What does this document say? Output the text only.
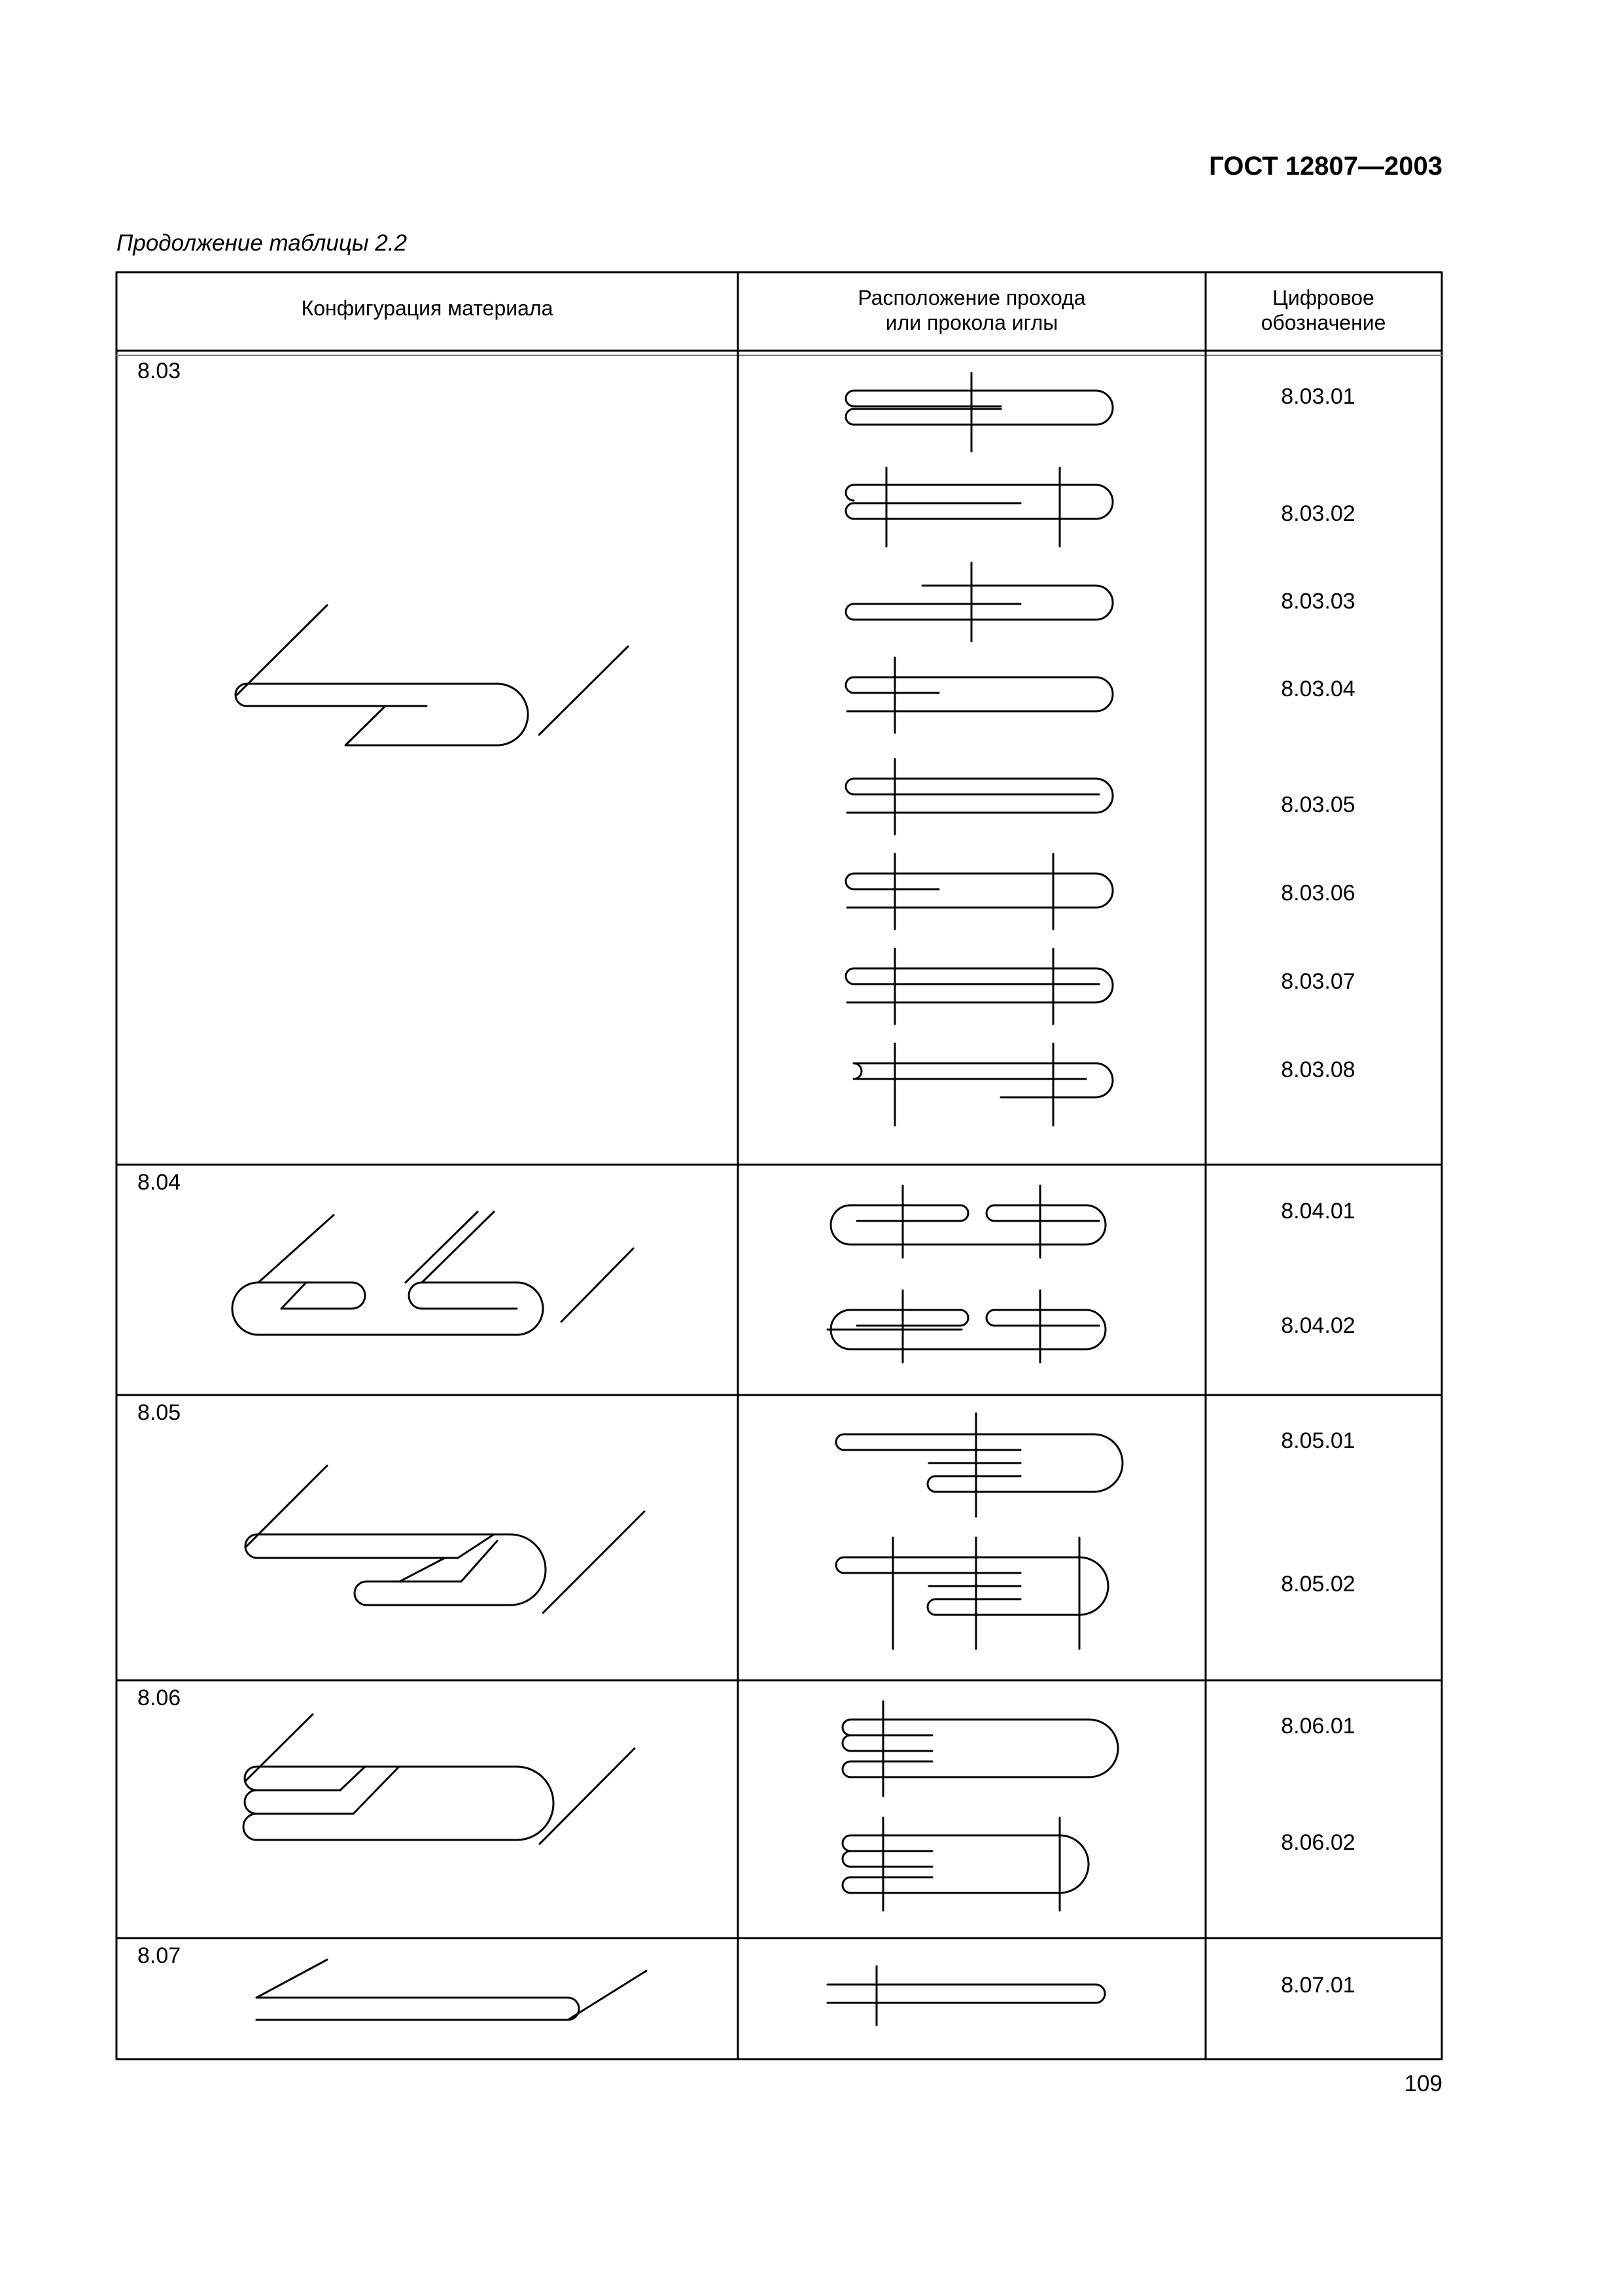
ГОСТ 12807—2003
Продолжение таблицы 2.2
Конфигурация материала	Расположение прохода
или прокола иглы
Цифровое
обозначение
8.03
8.04
8.05
8.06
8.07
8.03.01
8.03.02
8.03.03
8.03.04
8.03.05
8.03.06
8.03.07
8.03.08
8.04.01
8.04.02
8.05.01
8.05.02
8.06.01
8.06.02
8.07.01
109
